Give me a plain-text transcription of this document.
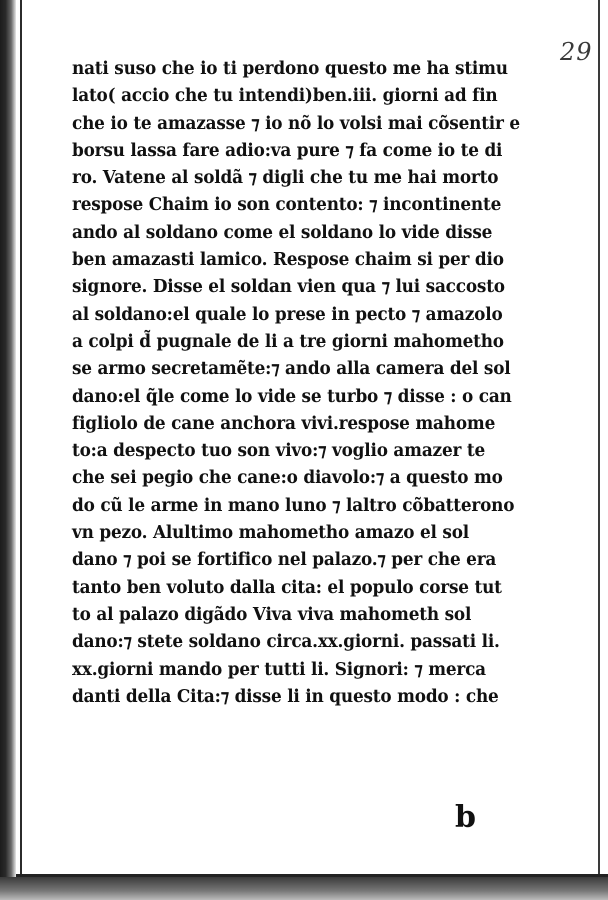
29
nati suso che io ti perdono questo me ha stimu
lato( accio che tu intendi)ben.iii. giorni ad fin
che io te amazasse ⁊ io nõ lo volsi mai cõsentir e
borsu lassa fare adio:va pure ⁊ fa come io te di
ro. Vatene al soldã ⁊ digli che tu me hai morto
respose Chaim io son contento: ⁊ incontinente
ando al soldano come el soldano lo vide disse
ben amazasti lamico. Respose chaim si per dio
signore. Disse el soldan vien qua ⁊ lui saccosto
al soldano:el quale lo prese in pecto ⁊ amazolo
a colpi d̃ pugnale de li a tre giorni mahometho
se armo secretamẽte:⁊ ando alla camera del sol
dano:el q̃le come lo vide se turbo ⁊ disse : o can
figliolo de cane anchora vivi.respose mahome
to:a despecto tuo son vivo:⁊ voglio amazer te
che sei pegio che cane:o diavolo:⁊ a questo mo
do cũ le arme in mano luno ⁊ laltro cõbatterono
vn pezo. Alultimo mahometho amazo el sol
dano ⁊ poi se fortifico nel palazo.⁊ per che era
tanto ben voluto dalla cita: el populo corse tut
to al palazo digãdo Viva viva mahometh sol
dano:⁊ stete soldano circa.xx.giorni. passati li.
xx.giorni mando per tutti li. Signori: ⁊ merca
danti della Cita:⁊ disse li in questo modo : che
b
